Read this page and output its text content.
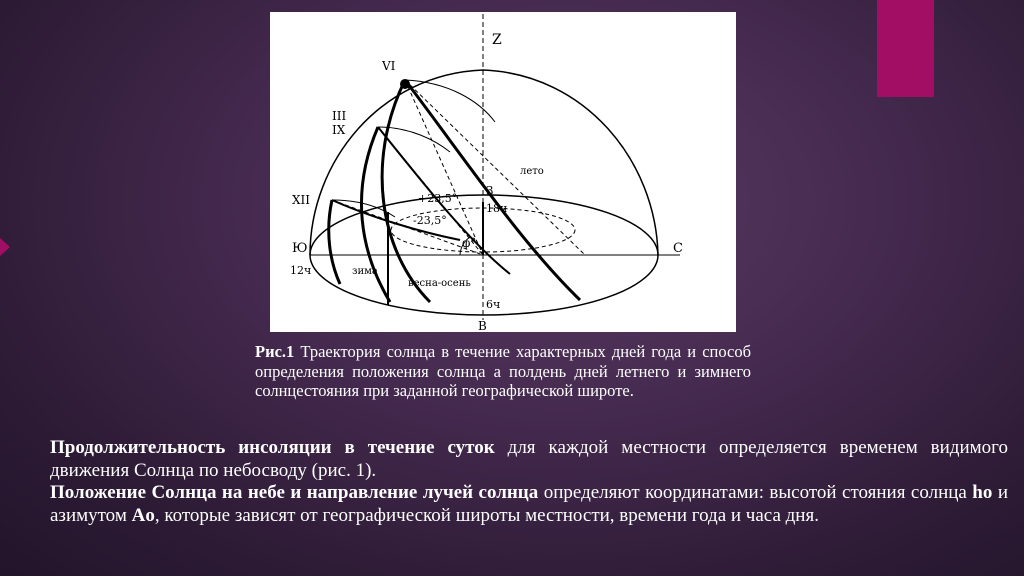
Z
VI
III
IX
XII
Ю	С
З
В
12ч
18ч
6ч
лето
зима
весна-осень
+23,5°
-23,5°
φ°
Рис.1 Траектория солнца в течение характерных дней года и способ определения положения солнца а полдень дней летнего и зимнего солнцестояния при заданной географической широте.

Продолжительность инсоляции в течение суток для каждой местности определяется временем видимого движения Солнца по небосводу (рис. 1).

Положение Солнца на небе и направление лучей солнца определяют координатами: высотой стояния солнца ho и азимутом Ao, которые зависят от географической широты местности, времени года и часа дня.
